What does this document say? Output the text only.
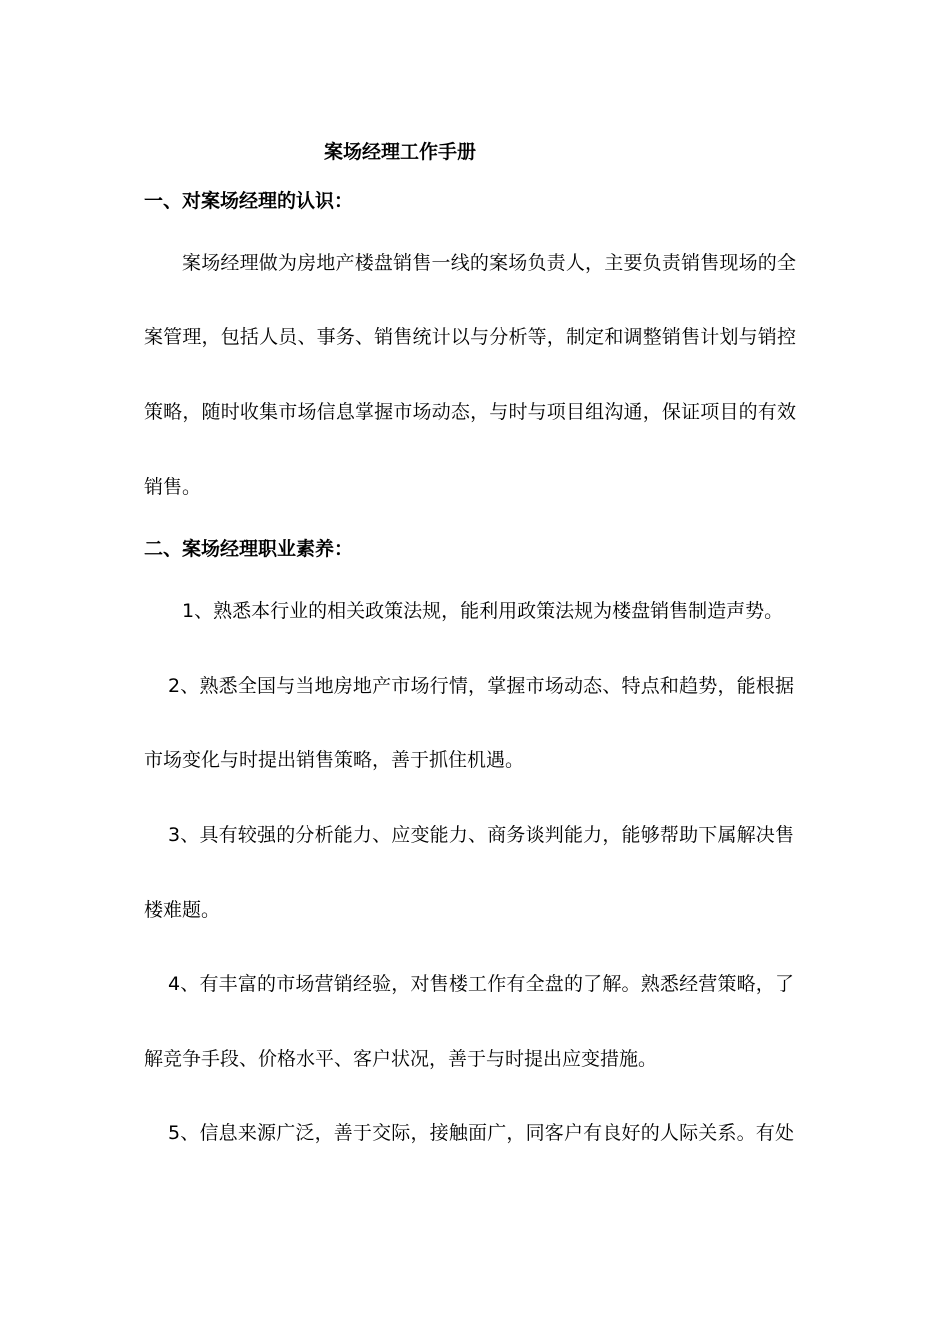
案场经理工作手册
一、对案场经理的认识：
案场经理做为房地产楼盘销售一线的案场负责人，主要负责销售现场的全
案管理，包括人员、事务、销售统计以与分析等，制定和调整销售计划与销控
策略，随时收集市场信息掌握市场动态，与时与项目组沟通，保证项目的有效
销售。
二、案场经理职业素养：
1、熟悉本行业的相关政策法规，能利用政策法规为楼盘销售制造声势。
2、熟悉全国与当地房地产市场行情，掌握市场动态、特点和趋势，能根据
市场变化与时提出销售策略，善于抓住机遇。
3、具有较强的分析能力、应变能力、商务谈判能力，能够帮助下属解决售
楼难题。
4、有丰富的市场营销经验，对售楼工作有全盘的了解。熟悉经营策略，了
解竞争手段、价格水平、客户状况，善于与时提出应变措施。
5、信息来源广泛，善于交际，接触面广，同客户有良好的人际关系。有处
